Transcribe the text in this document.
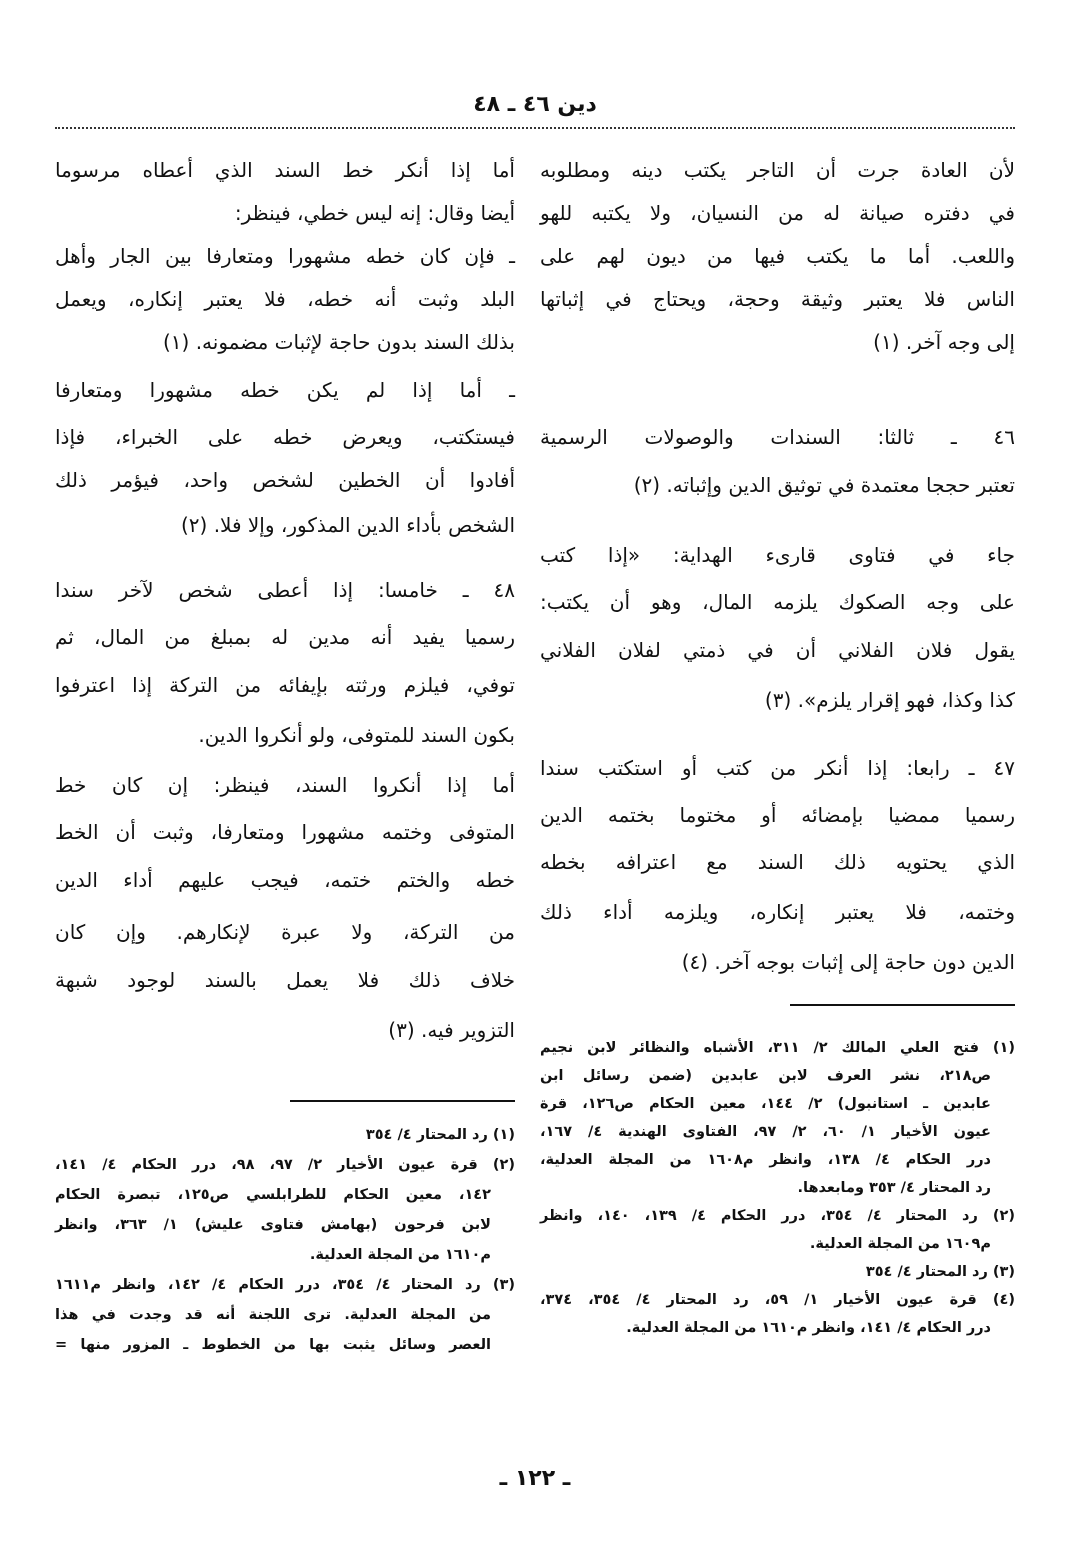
دين ٤٦ ـ ٤٨
لأن العادة جرت أن التاجر يكتب دينه ومطلوبه
في دفتره صيانة له من النسيان، ولا يكتبه للهو
واللعب. أما ما يكتب فيها من ديون لهم على
الناس فلا يعتبر وثيقة وحجة، ويحتاج في إثباتها
إلى وجه آخر. (١)
٤٦ ـ ثالثا: السندات والوصولات الرسمية
تعتبر حججا معتمدة في توثيق الدين وإثباته. (٢)
جاء في فتاوى قارىء الهداية: «إذا كتب
على وجه الصكوك يلزمه المال، وهو أن يكتب:
يقول فلان الفلاني أن في ذمتي لفلان الفلاني
كذا وكذا، فهو إقرار يلزم». (٣)
٤٧ ـ رابعا: إذا أنكر من كتب أو استكتب سندا
رسميا ممضيا بإمضائه أو مختوما بختمه الدين
الذي يحتويه ذلك السند مع اعترافه بخطه
وختمه، فلا يعتبر إنكاره، ويلزمه أداء ذلك
الدين دون حاجة إلى إثبات بوجه آخر. (٤)
(١) فتح العلي المالك ٢/ ٣١١، الأشباه والنظائر لابن نجيم
ص٢١٨، نشر العرف لابن عابدين (ضمن رسائل ابن
عابدين ـ استانبول) ٢/ ١٤٤، معين الحكام ص١٢٦، قرة
عيون الأخيار ١/ ٦٠، ٢/ ٩٧، الفتاوى الهندية ٤/ ١٦٧،
درر الحكام ٤/ ١٣٨، وانظر م١٦٠٨ من المجلة العدلية،
رد المحتار ٤/ ٣٥٣ ومابعدها.
(٢) رد المحتار ٤/ ٣٥٤، درر الحكام ٤/ ١٣٩، ١٤٠، وانظر
م١٦٠٩ من المجلة العدلية.
(٣) رد المحتار ٤/ ٣٥٤
(٤) قرة عيون الأخيار ١/ ٥٩، رد المحتار ٤/ ٣٥٤، ٣٧٤،
درر الحكام ٤/ ١٤١، وانظر م١٦١٠ من المجلة العدلية.
أما إذا أنكر خط السند الذي أعطاه مرسوما
أيضا وقال: إنه ليس خطي، فينظر:
ـ فإن كان خطه مشهورا ومتعارفا بين الجار وأهل
البلد وثبت أنه خطه، فلا يعتبر إنكاره، ويعمل
بذلك السند بدون حاجة لإثبات مضمونه. (١)
ـ أما إذا لم يكن خطه مشهورا ومتعارفا
فيستكتب، ويعرض خطه على الخبراء، فإذا
أفادوا أن الخطين لشخص واحد، فيؤمر ذلك
الشخص بأداء الدين المذكور، وإلا فلا. (٢)
٤٨ ـ خامسا: إذا أعطى شخص لآخر سندا
رسميا يفيد أنه مدين له بمبلغ من المال، ثم
توفي، فيلزم ورثته بإيفائه من التركة إذا اعترفوا
بكون السند للمتوفى، ولو أنكروا الدين.
أما إذا أنكروا السند، فينظر: إن كان خط
المتوفى وختمه مشهورا ومتعارفا، وثبت أن الخط
خطه والختم ختمه، فيجب عليهم أداء الدين
من التركة، ولا عبرة لإنكارهم. وإن كان
خلاف ذلك فلا يعمل بالسند لوجود شبهة
التزوير فيه. (٣)
(١) رد المحتار ٤/ ٣٥٤
(٢) قرة عيون الأخيار ٢/ ٩٧، ٩٨، درر الحكام ٤/ ١٤١،
١٤٢، معين الحكام للطرابلسي ص١٢٥، تبصرة الحكام
لابن فرحون (بهامش فتاوى عليش) ١/ ٣٦٣، وانظر
م١٦١٠ من المجلة العدلية.
(٣) رد المحتار ٤/ ٣٥٤، درر الحكام ٤/ ١٤٢، وانظر م١٦١١
من المجلة العدلية. ترى اللجنة أنه قد وجدت في هذا
العصر وسائل يثبت بها من الخطوط ـ المزور منها =
ـ ١٢٢ ـ
